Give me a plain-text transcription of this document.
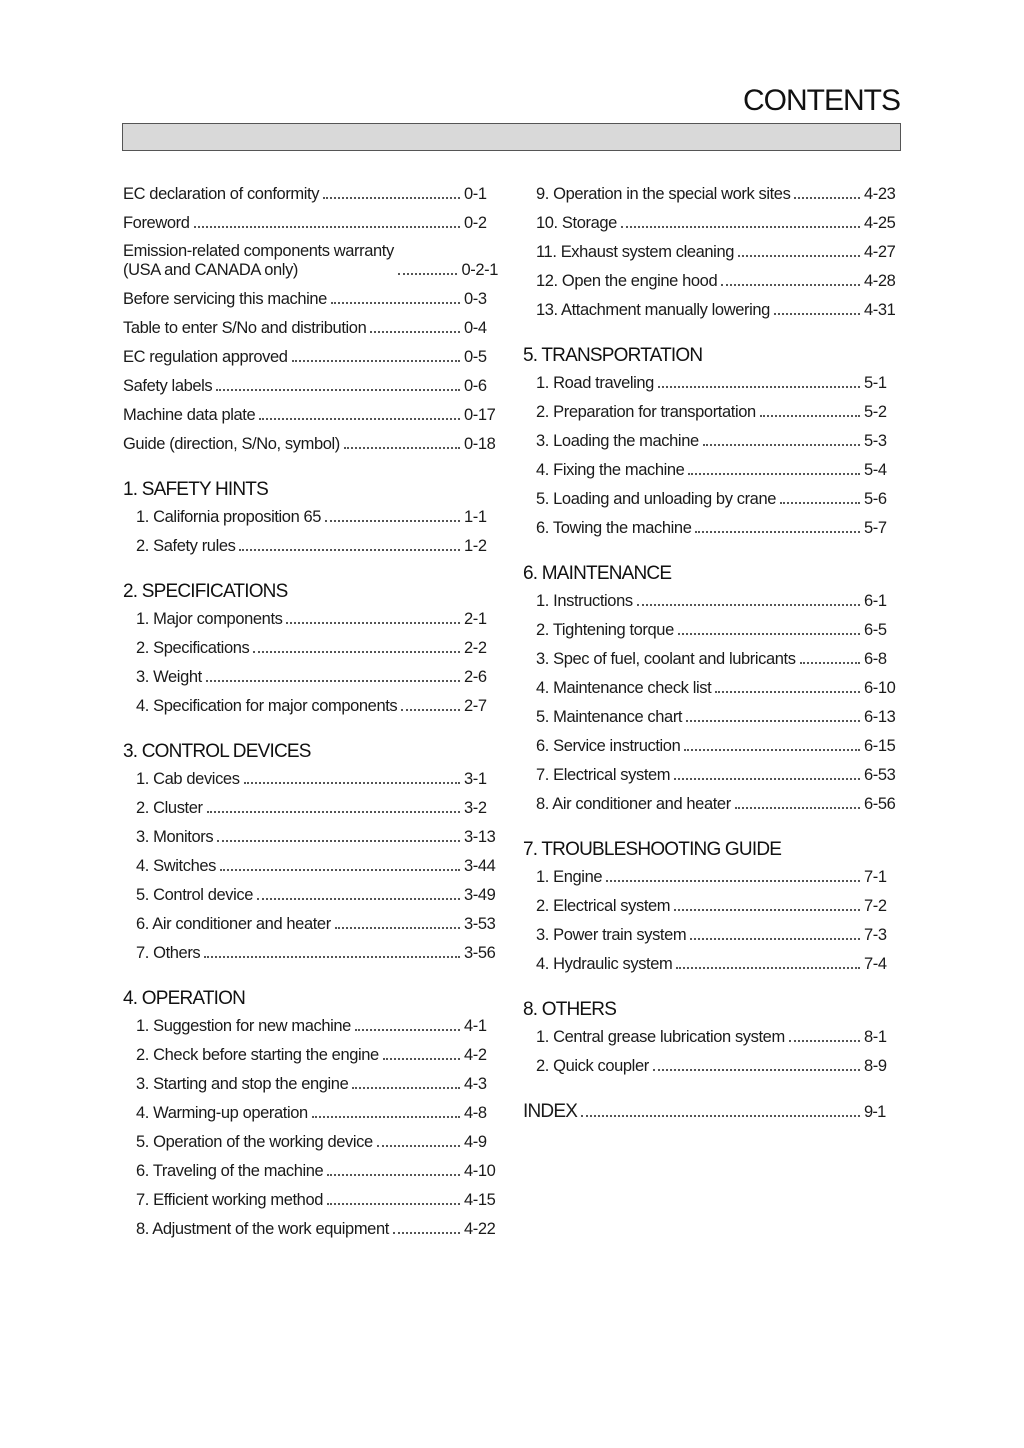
CONTENTS
EC declaration of conformity	0-1
Foreword	0-2
Emission-related components warranty
(USA and CANADA only)	0-2-1
Before servicing this machine	0-3
Table to enter S/No and distribution	0-4
EC regulation approved	0-5
Safety labels	0-6
Machine data plate	0-17
Guide (direction, S/No, symbol)	0-18
1. SAFETY HINTS
1. California proposition 65	1-1
2. Safety rules	1-2
2. SPECIFICATIONS
1. Major components	2-1
2. Specifications	2-2
3. Weight	2-6
4. Specification for major components	2-7
3. CONTROL DEVICES
1. Cab devices	3-1
2. Cluster	3-2
3. Monitors	3-13
4. Switches	3-44
5. Control device	3-49
6. Air conditioner and heater	3-53
7. Others	3-56
4. OPERATION
1. Suggestion for new machine	4-1
2. Check before starting the engine	4-2
3. Starting and stop the engine	4-3
4. Warming-up operation	4-8
5. Operation of the working device	4-9
6. Traveling of the machine	4-10
7. Efficient working method	4-15
8. Adjustment of the work equipment	4-22
9. Operation in the special work sites	4-23
10. Storage	4-25
11. Exhaust system cleaning	4-27
12. Open the engine hood	4-28
13. Attachment manually lowering	4-31
5. TRANSPORTATION
1. Road traveling	5-1
2. Preparation for transportation	5-2
3. Loading the machine	5-3
4. Fixing the machine	5-4
5. Loading and unloading by crane	5-6
6. Towing the machine	5-7
6. MAINTENANCE
1. Instructions	6-1
2. Tightening torque	6-5
3. Spec of fuel, coolant and lubricants	6-8
4. Maintenance check list	6-10
5. Maintenance chart	6-13
6. Service instruction	6-15
7. Electrical system	6-53
8. Air conditioner and heater	6-56
7. TROUBLESHOOTING GUIDE
1. Engine	7-1
2. Electrical system	7-2
3. Power train system	7-3
4. Hydraulic system	7-4
8. OTHERS
1. Central grease lubrication system	8-1
2. Quick coupler	8-9
INDEX	9-1
